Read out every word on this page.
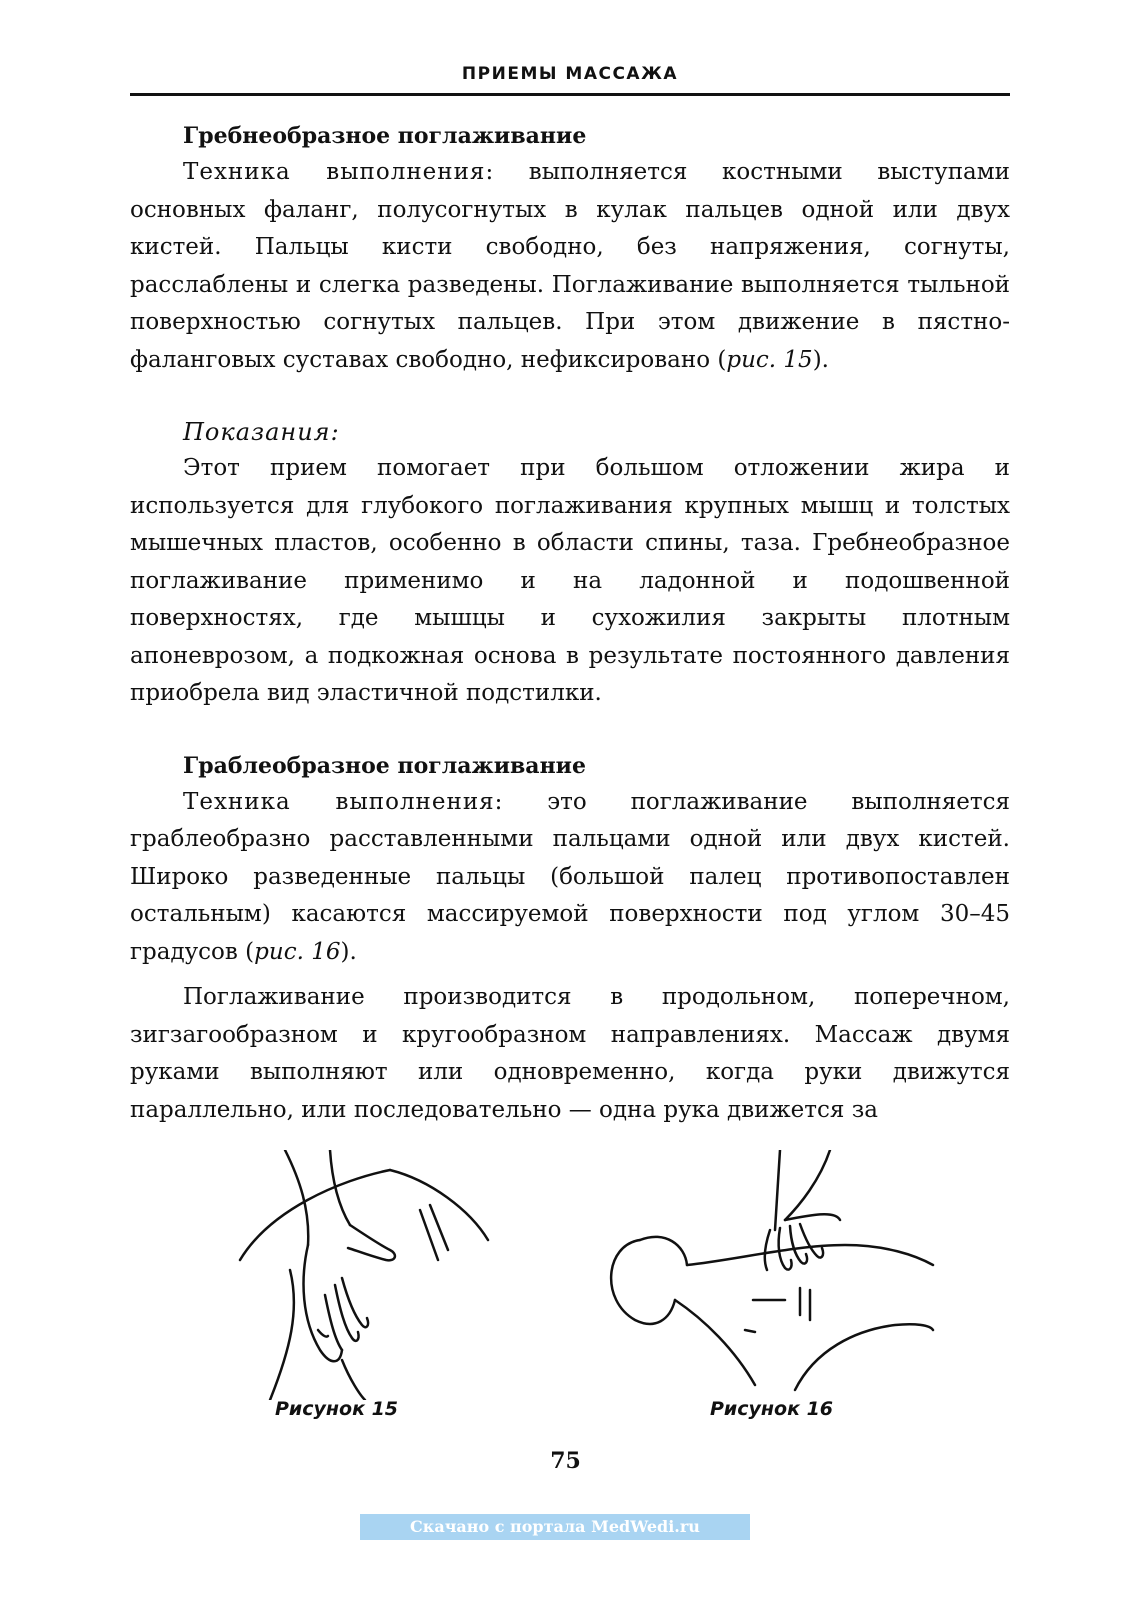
ПРИЕМЫ МАССАЖА

Гребнеобразное поглаживание

Техника выполнения: выполняется костными выступами основных фаланг, полусогнутых в кулак пальцев одной или двух кистей. Пальцы кисти свободно, без напряжения, согнуты, расслаблены и слегка разведены. Поглаживание выполняется тыльной поверхностью согнутых пальцев. При этом движение в пястно-фаланговых суставах свободно, нефиксировано (рис. 15).

Показания:

Этот прием помогает при большом отложении жира и используется для глубокого поглаживания крупных мышц и толстых мышечных пластов, особенно в области спины, таза. Гребнеобразное поглаживание применимо и на ладонной и подошвенной поверхностях, где мышцы и сухожилия закрыты плотным апоневрозом, а подкожная основа в результате постоянного давления приобрела вид эластичной подстилки.

Граблеобразное поглаживание

Техника выполнения: это поглаживание выполняется граблеобразно расставленными пальцами одной или двух кистей. Широко разведенные пальцы (большой палец противопоставлен остальным) касаются массируемой поверхности под углом 30–45 градусов (рис. 16).

Поглаживание производится в продольном, поперечном, зигзагообразном и кругообразном направлениях. Массаж двумя руками выполняют или одновременно, когда руки движутся параллельно, или последовательно — одна рука движется за

Рисунок 15	Рисунок 16
75
Скачано с портала MedWedi.ru
